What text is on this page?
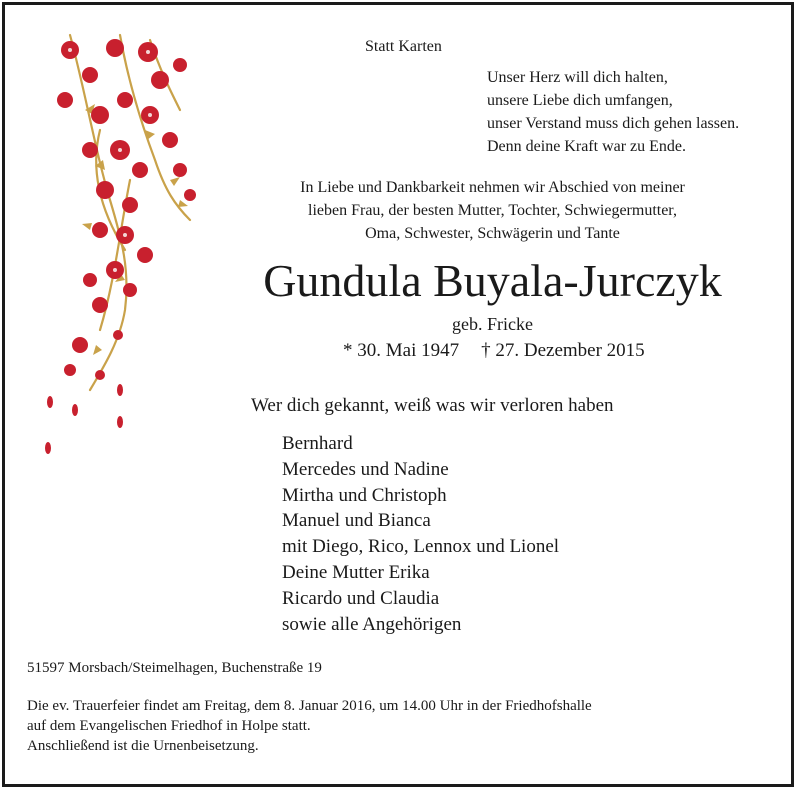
Statt Karten
Unser Herz will dich halten,
unsere Liebe dich umfangen,
unser Verstand muss dich gehen lassen.
Denn deine Kraft war zu Ende.
In Liebe und Dankbarkeit nehmen wir Abschied von meiner
lieben Frau, der besten Mutter, Tochter, Schwiegermutter,
Oma, Schwester, Schwägerin und Tante
Gundula Buyala-Jurczyk
geb. Fricke
* 30. Mai 1947 † 27. Dezember 2015
Wer dich gekannt, weiß was wir verloren haben
Bernhard
Mercedes und Nadine
Mirtha und Christoph
Manuel und Bianca
mit Diego, Rico, Lennox und Lionel
Deine Mutter Erika
Ricardo und Claudia
sowie alle Angehörigen
51597 Morsbach/Steimelhagen, Buchenstraße 19
Die ev. Trauerfeier findet am Freitag, dem 8. Januar 2016, um 14.00 Uhr in der Friedhofshalle
auf dem Evangelischen Friedhof in Holpe statt.
Anschließend ist die Urnenbeisetzung.
